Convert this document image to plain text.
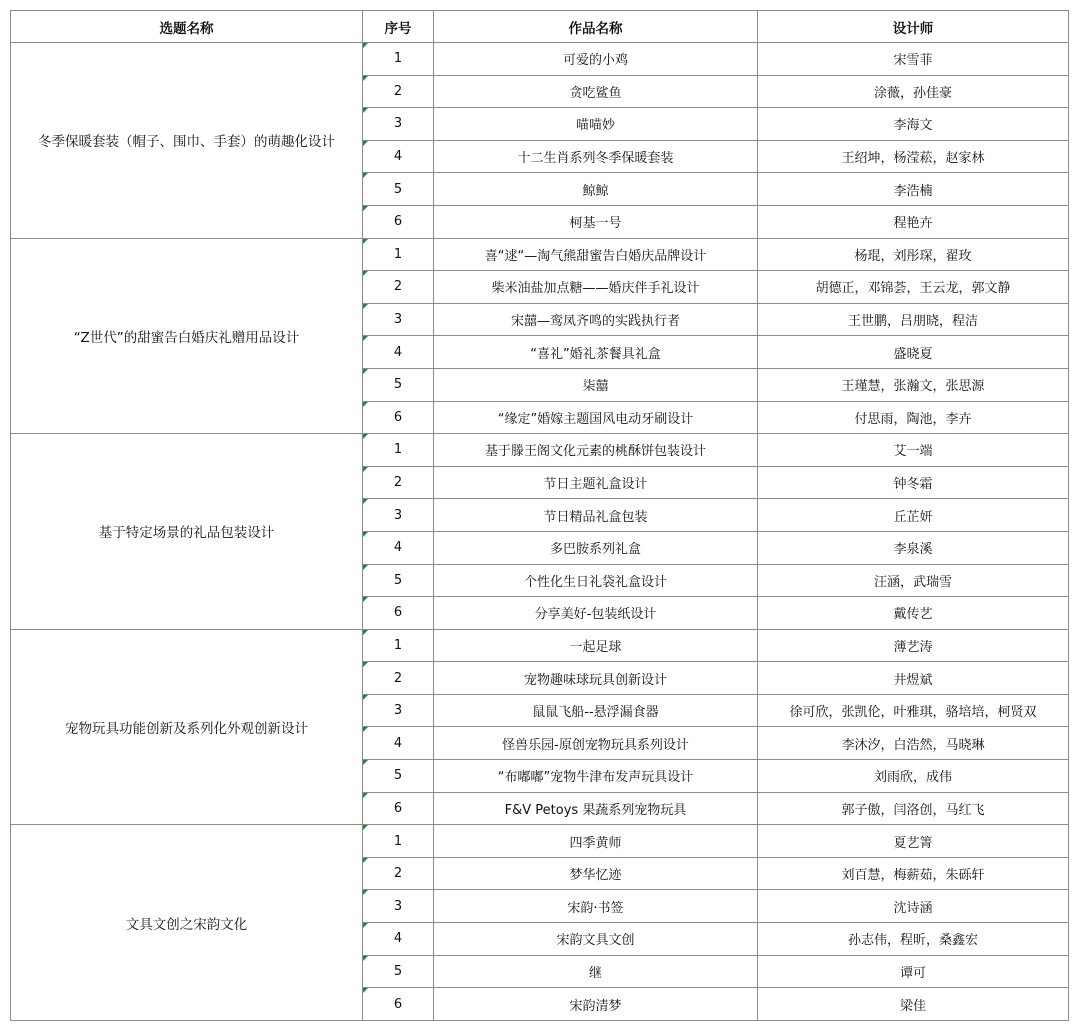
选题名称	序号	作品名称	设计师
冬季保暖套装（帽子、围巾、手套）的萌趣化设计	1	可爱的小鸡	宋雪菲
	2	贪吃鲨鱼	涂薇，孙佳豪
	3	喵喵妙	李海文
	4	十二生肖系列冬季保暖套装	王绍坤，杨滢菘，赵家林
	5	鲸鲸	李浩楠
	6	柯基一号	程艳卉
“Z世代”的甜蜜告白婚庆礼赠用品设计	1	喜“逑“—淘气熊甜蜜告白婚庆品牌设计	杨琨，刘彤琛，翟玫
	2	柴米油盐加点糖——婚庆伴手礼设计	胡德正，邓锦荟，王云龙，郭文静
	3	宋囍—鸾凤齐鸣的实践执行者	王世鹏，吕朋晓，程洁
	4	“喜礼”婚礼茶餐具礼盒	盛晓夏
	5	柒囍	王瑾慧，张瀚文，张思源
	6	“缘定”婚嫁主题国风电动牙刷设计	付思雨，陶池，李卉
基于特定场景的礼品包装设计	1	基于滕王阁文化元素的桃酥饼包装设计	艾一端
	2	节日主题礼盒设计	钟冬霜
	3	节日精品礼盒包装	丘芷妍
	4	多巴胺系列礼盒	李泉溪
	5	个性化生日礼袋礼盒设计	汪涵，武瑞雪
	6	分享美好-包装纸设计	戴传艺
宠物玩具功能创新及系列化外观创新设计	1	一起足球	薄艺涛
	2	宠物趣味球玩具创新设计	井煜斌
	3	鼠鼠飞船--悬浮漏食器	徐可欣，张凯伦，叶雅琪，骆培培，柯贤双
	4	怪兽乐园-原创宠物玩具系列设计	李沐汐，白浩然，马晓琳
	5	“布嘟嘟”宠物牛津布发声玩具设计	刘雨欣，成伟
	6	F&V Petoys 果蔬系列宠物玩具	郭子傲，闫洛创，马红飞
文具文创之宋韵文化	1	四季黄师	夏艺箐
	2	梦华忆迹	刘百慧，梅薪茹，朱砾轩
	3	宋韵·书签	沈诗涵
	4	宋韵文具文创	孙志伟，程昕，桑鑫宏
	5	继	谭可
	6	宋韵清梦	梁佳
